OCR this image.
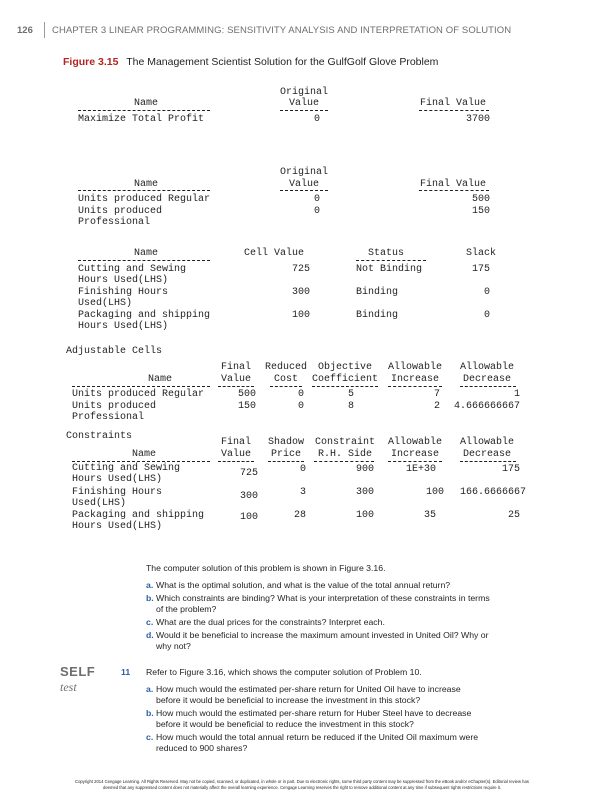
126 CHAPTER 3 LINEAR PROGRAMMING: SENSITIVITY ANALYSIS AND INTERPRETATION OF SOLUTION
Figure 3.15 The Management Scientist Solution for the GulfGolf Glove Problem
Original
Name	Value	Final Value
Maximize Total Profit	0	3700
Original
Name	Value	Final Value
Units produced Regular	0	500
Units produced
Professional
0	150
Name	Cell Value	Status	Slack
Cutting and Sewing
Hours Used(LHS)
725	Not Binding	175
Finishing Hours
Used(LHS)
300	Binding	0
Packaging and shipping
Hours Used(LHS)
100	Binding	0
Adjustable Cells
Final	Reduced	Objective	Allowable	Allowable
Name	Value	Cost	Coefficient	Increase	Decrease
Units produced Regular	500	0	5	7	1
Units produced
Professional
150	0	8	2	4.666666667
Constraints
Final	Shadow	Constraint	Allowable	Allowable
Name	Value	Price	R.H. Side	Increase	Decrease
Cutting and Sewing
Hours Used(LHS)
725	0	900	1E+30	175
Finishing Hours
Used(LHS)
300	3	300	100	166.6666667
Packaging and shipping
Hours Used(LHS)
100	28	100	35	25
The computer solution of this problem is shown in Figure 3.16.
a. What is the optimal solution, and what is the value of the total annual return?
b. Which constraints are binding? What is your interpretation of these constraints in terms
of the problem?
c. What are the dual prices for the constraints? Interpret each.
d. Would it be beneficial to increase the maximum amount invested in United Oil? Why or
why not?
SELF
test
11 Refer to Figure 3.16, which shows the computer solution of Problem 10.
a. How much would the estimated per-share return for United Oil have to increase
before it would be beneficial to increase the investment in this stock?
b. How much would the estimated per-share return for Huber Steel have to decrease
before it would be beneficial to reduce the investment in this stock?
c. How much would the total annual return be reduced if the United Oil maximum were
reduced to 900 shares?
Copyright 2014 Cengage Learning. All Rights Reserved. May not be copied, scanned, or duplicated, in whole or in part. Due to electronic rights, some third party content may be suppressed from the eBook and/or eChapter(s). Editorial review has
deemed that any suppressed content does not materially affect the overall learning experience. Cengage Learning reserves the right to remove additional content at any time if subsequent rights restrictions require it.
